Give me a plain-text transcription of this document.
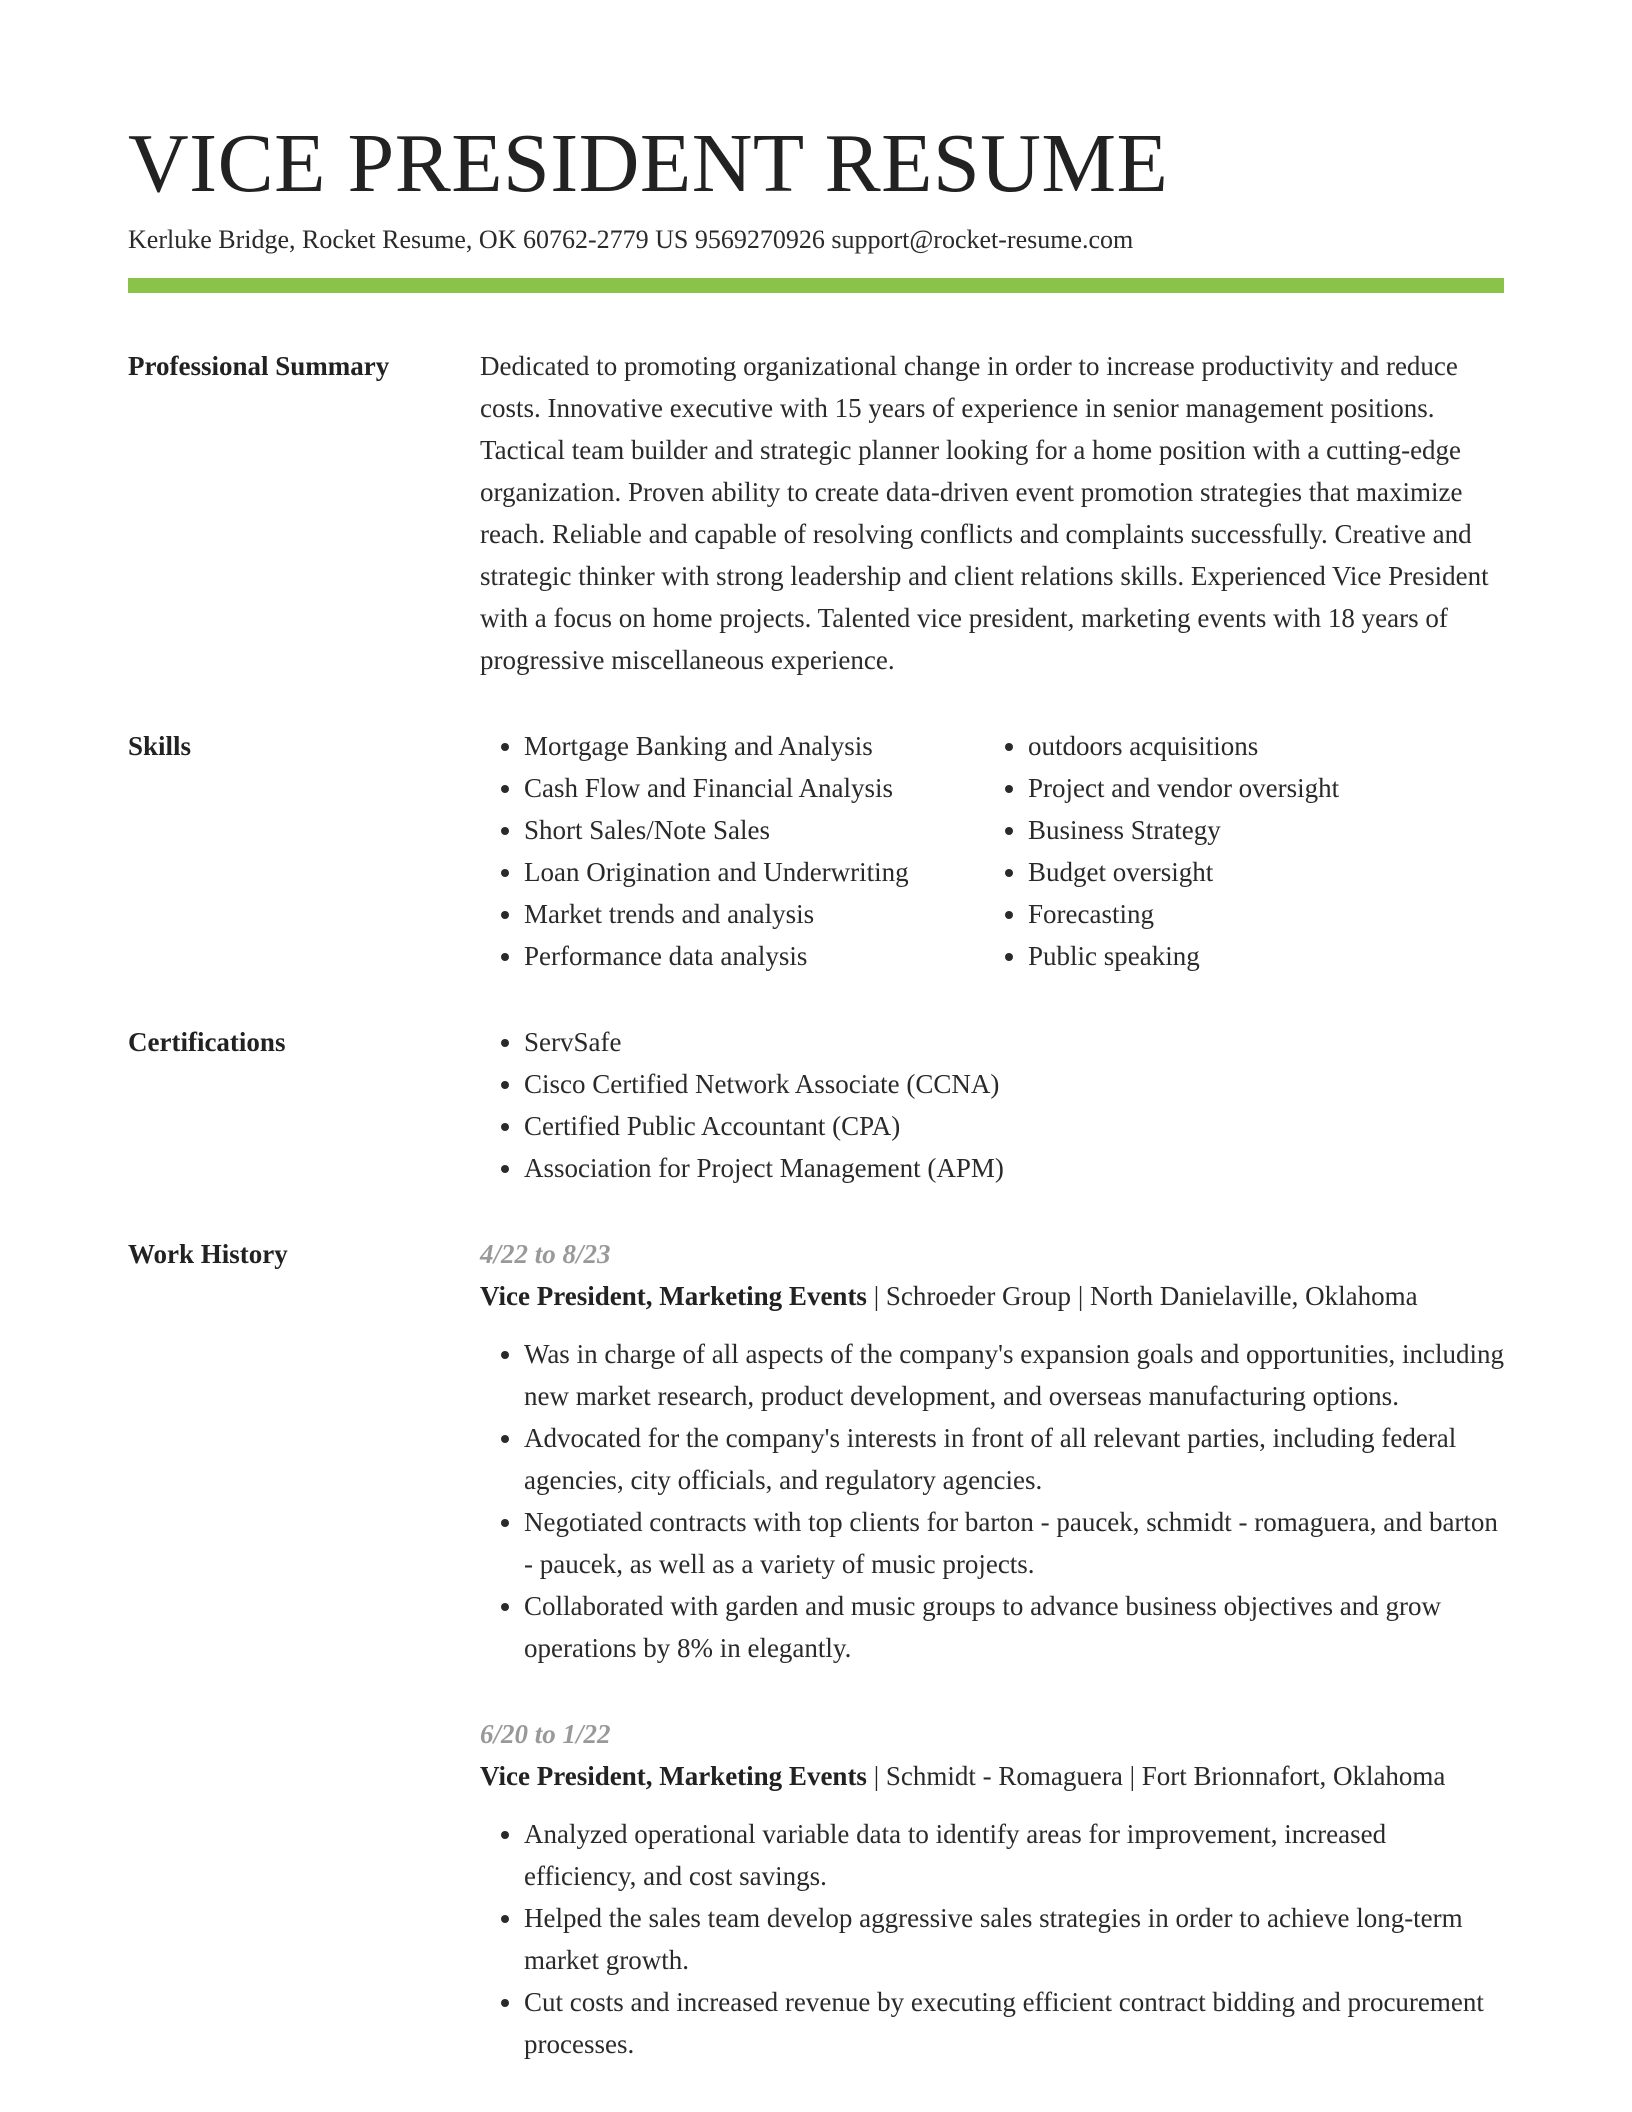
VICE PRESIDENT RESUME
Kerluke Bridge, Rocket Resume, OK 60762-2779 US 9569270926 support@rocket-resume.com
Professional Summary	Dedicated to promoting organizational change in order to increase productivity and reduce costs. Innovative executive with 15 years of experience in senior management positions. Tactical team builder and strategic planner looking for a home position with a cutting-edge organization. Proven ability to create data-driven event promotion strategies that maximize reach. Reliable and capable of resolving conflicts and complaints successfully. Creative and strategic thinker with strong leadership and client relations skills. Experienced Vice President with a focus on home projects. Talented vice president, marketing events with 18 years of progressive miscellaneous experience.

Skills	• Mortgage Banking and Analysis
• Cash Flow and Financial Analysis
• Short Sales/Note Sales
• Loan Origination and Underwriting
• Market trends and analysis
• Performance data analysis
• outdoors acquisitions
• Project and vendor oversight
• Business Strategy
• Budget oversight
• Forecasting
• Public speaking
Certifications	• ServSafe
• Cisco Certified Network Associate (CCNA)
• Certified Public Accountant (CPA)
• Association for Project Management (APM)
Work History	4/22 to 8/23
Vice President, Marketing Events | Schroeder Group | North Danielaville, Oklahoma
• Was in charge of all aspects of the company's expansion goals and opportunities, including new market research, product development, and overseas manufacturing options.
• Advocated for the company's interests in front of all relevant parties, including federal agencies, city officials, and regulatory agencies.
• Negotiated contracts with top clients for barton - paucek, schmidt - romaguera, and barton - paucek, as well as a variety of music projects.
• Collaborated with garden and music groups to advance business objectives and grow operations by 8% in elegantly.
6/20 to 1/22
Vice President, Marketing Events | Schmidt - Romaguera | Fort Brionnafort, Oklahoma
• Analyzed operational variable data to identify areas for improvement, increased efficiency, and cost savings.
• Helped the sales team develop aggressive sales strategies in order to achieve long-term market growth.
• Cut costs and increased revenue by executing efficient contract bidding and procurement processes.
